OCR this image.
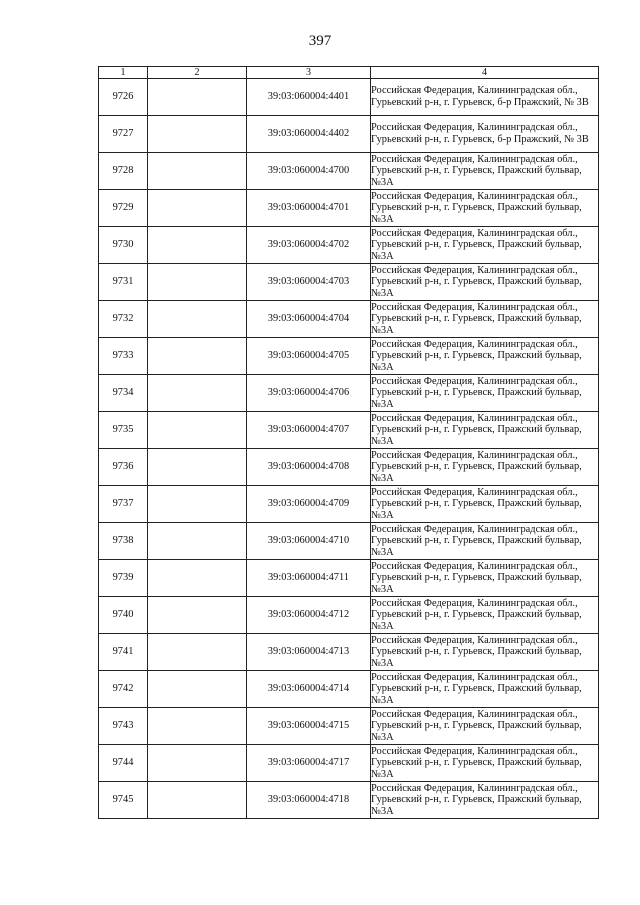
397
1	2	3	4
9726		39:03:060004:4401	Российская Федерация, Калининградская обл., Гурьевский р-н, г. Гурьевск, б-р Пражский, № 3В
9727		39:03:060004:4402	Российская Федерация, Калининградская обл., Гурьевский р-н, г. Гурьевск, б-р Пражский, № 3В
9728		39:03:060004:4700	Российская Федерация, Калининградская обл., Гурьевский р-н, г. Гурьевск, Пражский бульвар, №3А
9729		39:03:060004:4701	Российская Федерация, Калининградская обл., Гурьевский р-н, г. Гурьевск, Пражский бульвар, №3А
9730		39:03:060004:4702	Российская Федерация, Калининградская обл., Гурьевский р-н, г. Гурьевск, Пражский бульвар, №3А
9731		39:03:060004:4703	Российская Федерация, Калининградская обл., Гурьевский р-н, г. Гурьевск, Пражский бульвар, №3А
9732		39:03:060004:4704	Российская Федерация, Калининградская обл., Гурьевский р-н, г. Гурьевск, Пражский бульвар, №3А
9733		39:03:060004:4705	Российская Федерация, Калининградская обл., Гурьевский р-н, г. Гурьевск, Пражский бульвар, №3А
9734		39:03:060004:4706	Российская Федерация, Калининградская обл., Гурьевский р-н, г. Гурьевск, Пражский бульвар, №3А
9735		39:03:060004:4707	Российская Федерация, Калининградская обл., Гурьевский р-н, г. Гурьевск, Пражский бульвар, №3А
9736		39:03:060004:4708	Российская Федерация, Калининградская обл., Гурьевский р-н, г. Гурьевск, Пражский бульвар, №3А
9737		39:03:060004:4709	Российская Федерация, Калининградская обл., Гурьевский р-н, г. Гурьевск, Пражский бульвар, №3А
9738		39:03:060004:4710	Российская Федерация, Калининградская обл., Гурьевский р-н, г. Гурьевск, Пражский бульвар, №3А
9739		39:03:060004:4711	Российская Федерация, Калининградская обл., Гурьевский р-н, г. Гурьевск, Пражский бульвар, №3А
9740		39:03:060004:4712	Российская Федерация, Калининградская обл., Гурьевский р-н, г. Гурьевск, Пражский бульвар, №3А
9741		39:03:060004:4713	Российская Федерация, Калининградская обл., Гурьевский р-н, г. Гурьевск, Пражский бульвар, №3А
9742		39:03:060004:4714	Российская Федерация, Калининградская обл., Гурьевский р-н, г. Гурьевск, Пражский бульвар, №3А
9743		39:03:060004:4715	Российская Федерация, Калининградская обл., Гурьевский р-н, г. Гурьевск, Пражский бульвар, №3А
9744		39:03:060004:4717	Российская Федерация, Калининградская обл., Гурьевский р-н, г. Гурьевск, Пражский бульвар, №3А
9745		39:03:060004:4718	Российская Федерация, Калининградская обл., Гурьевский р-н, г. Гурьевск, Пражский бульвар, №3А
